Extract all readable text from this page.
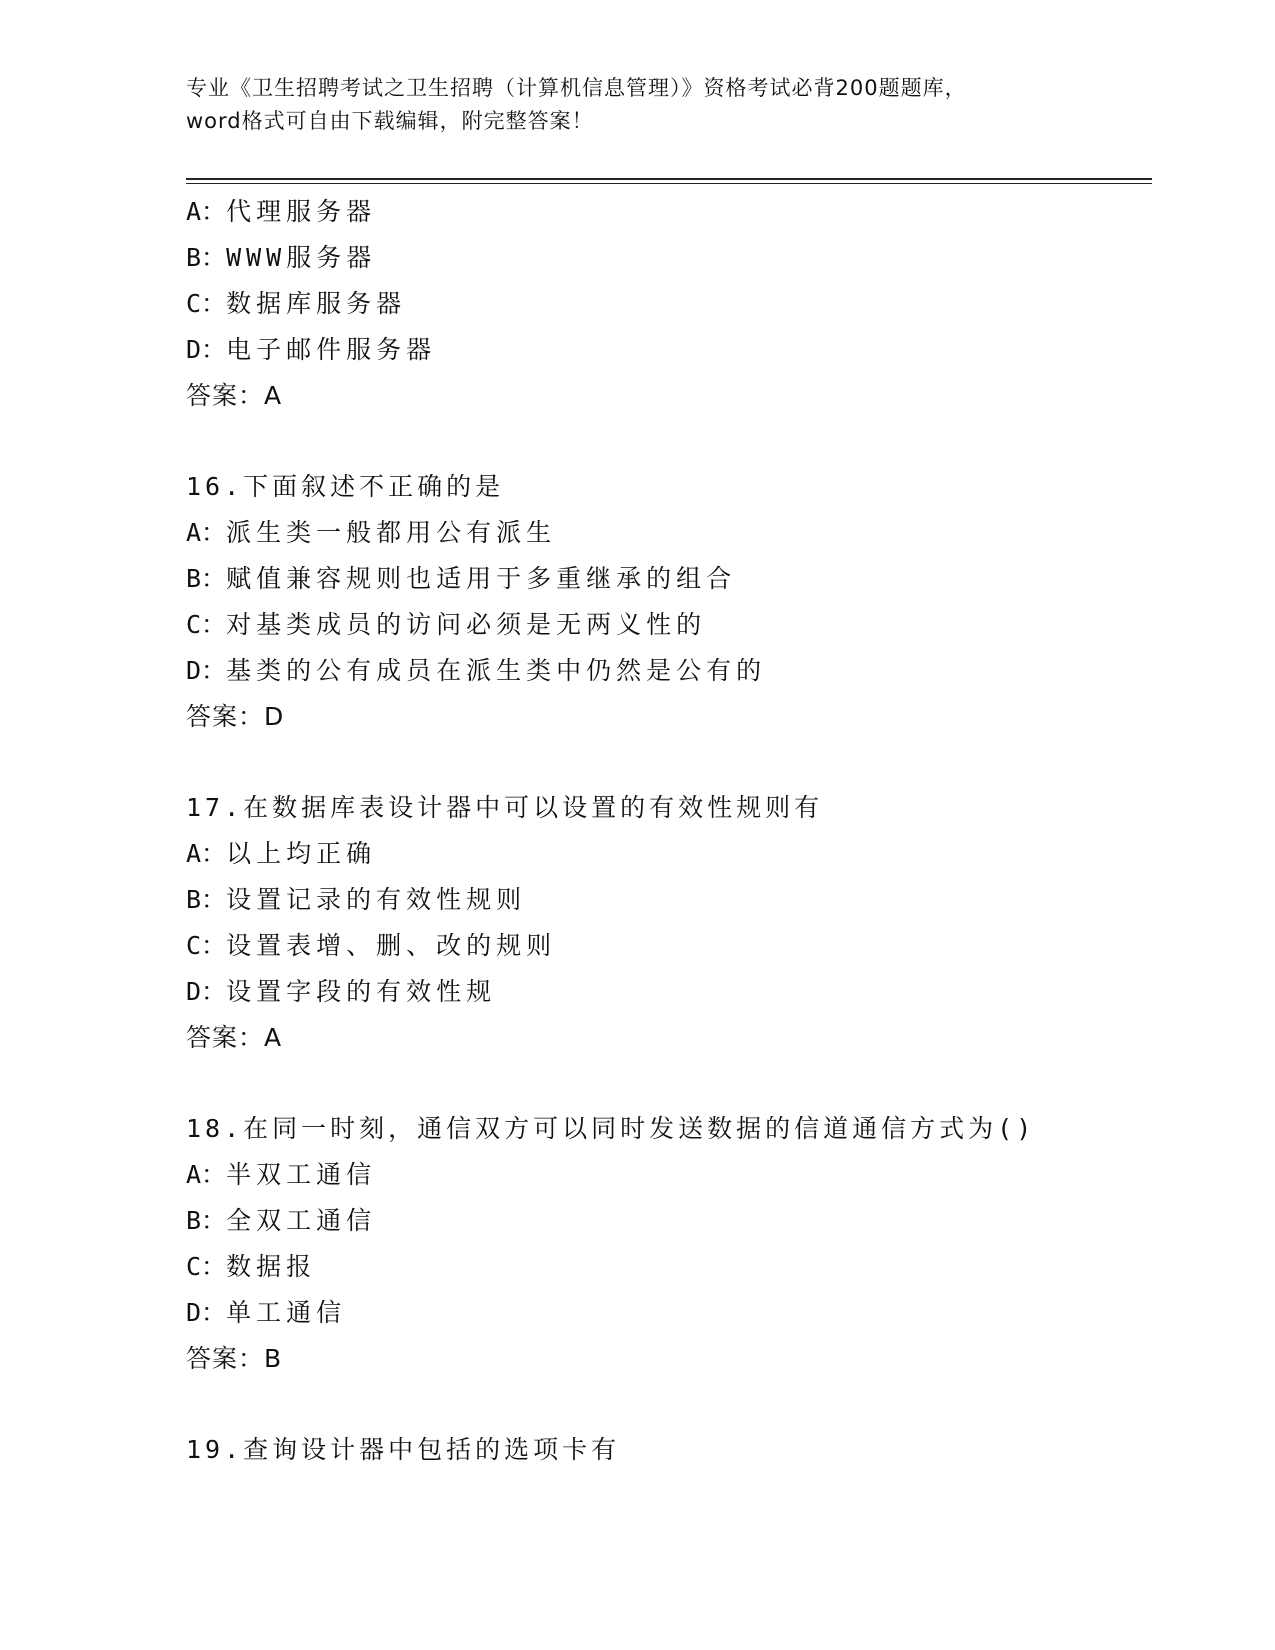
专业《卫生招聘考试之卫生招聘（计算机信息管理）》资格考试必背200题题库，
word格式可自由下载编辑，附完整答案！
A：代理服务器
B：WWW服务器
C：数据库服务器
D：电子邮件服务器
答案：A
16.下面叙述不正确的是
A：派生类一般都用公有派生
B：赋值兼容规则也适用于多重继承的组合
C：对基类成员的访问必须是无两义性的
D：基类的公有成员在派生类中仍然是公有的
答案：D
17.在数据库表设计器中可以设置的有效性规则有
A：以上均正确
B：设置记录的有效性规则
C：设置表增、删、改的规则
D：设置字段的有效性规
答案：A
18.在同一时刻，通信双方可以同时发送数据的信道通信方式为()
A：半双工通信
B：全双工通信
C：数据报
D：单工通信
答案：B
19.查询设计器中包括的选项卡有
